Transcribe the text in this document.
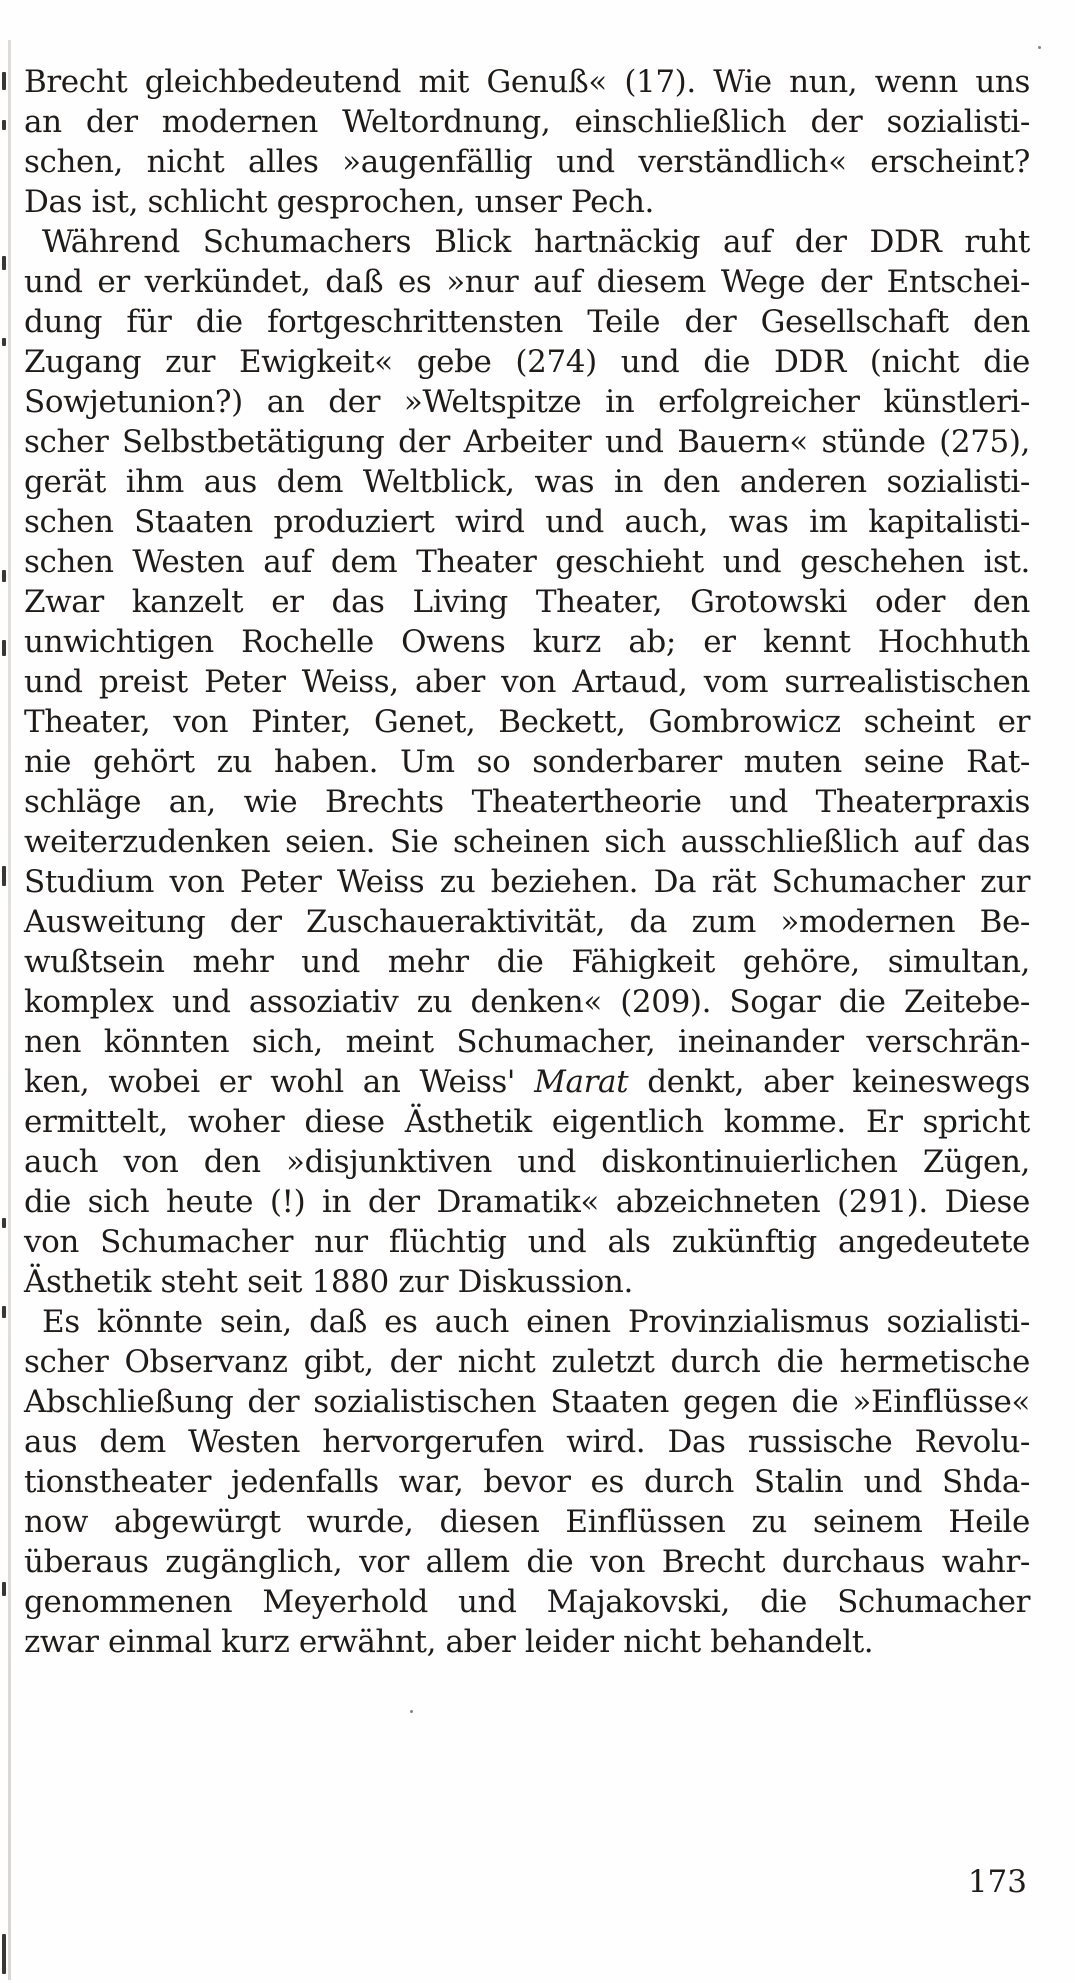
Brecht gleichbedeutend mit Genuß« (17). Wie nun, wenn uns
an der modernen Weltordnung, einschließlich der sozialisti-
schen, nicht alles »augenfällig und verständlich« erscheint?
Das ist, schlicht gesprochen, unser Pech.
Während Schumachers Blick hartnäckig auf der DDR ruht
und er verkündet, daß es »nur auf diesem Wege der Entschei-
dung für die fortgeschrittensten Teile der Gesellschaft den
Zugang zur Ewigkeit« gebe (274) und die DDR (nicht die
Sowjetunion?) an der »Weltspitze in erfolgreicher künstleri-
scher Selbstbetätigung der Arbeiter und Bauern« stünde (275),
gerät ihm aus dem Weltblick, was in den anderen sozialisti-
schen Staaten produziert wird und auch, was im kapitalisti-
schen Westen auf dem Theater geschieht und geschehen ist.
Zwar kanzelt er das Living Theater, Grotowski oder den
unwichtigen Rochelle Owens kurz ab; er kennt Hochhuth
und preist Peter Weiss, aber von Artaud, vom surrealistischen
Theater, von Pinter, Genet, Beckett, Gombrowicz scheint er
nie gehört zu haben. Um so sonderbarer muten seine Rat-
schläge an, wie Brechts Theatertheorie und Theaterpraxis
weiterzudenken seien. Sie scheinen sich ausschließlich auf das
Studium von Peter Weiss zu beziehen. Da rät Schumacher zur
Ausweitung der Zuschaueraktivität, da zum »modernen Be-
wußtsein mehr und mehr die Fähigkeit gehöre, simultan,
komplex und assoziativ zu denken« (209). Sogar die Zeitebe-
nen könnten sich, meint Schumacher, ineinander verschrän-
ken, wobei er wohl an Weiss' Marat denkt, aber keineswegs
ermittelt, woher diese Ästhetik eigentlich komme. Er spricht
auch von den »disjunktiven und diskontinuierlichen Zügen,
die sich heute (!) in der Dramatik« abzeichneten (291). Diese
von Schumacher nur flüchtig und als zukünftig angedeutete
Ästhetik steht seit 1880 zur Diskussion.
Es könnte sein, daß es auch einen Provinzialismus sozialisti-
scher Observanz gibt, der nicht zuletzt durch die hermetische
Abschließung der sozialistischen Staaten gegen die »Einflüsse«
aus dem Westen hervorgerufen wird. Das russische Revolu-
tionstheater jedenfalls war, bevor es durch Stalin und Shda-
now abgewürgt wurde, diesen Einflüssen zu seinem Heile
überaus zugänglich, vor allem die von Brecht durchaus wahr-
genommenen Meyerhold und Majakovski, die Schumacher
zwar einmal kurz erwähnt, aber leider nicht behandelt.
173
